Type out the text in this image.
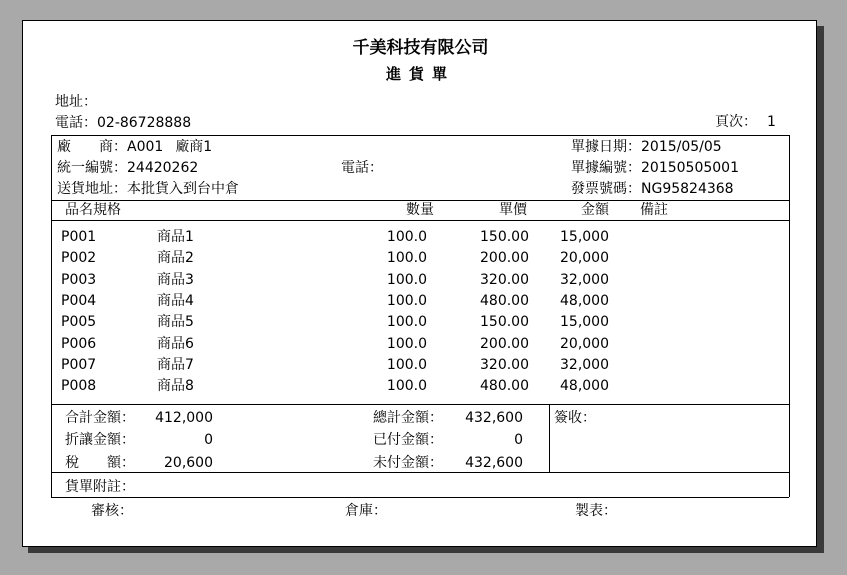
千美科技有限公司
進貨單
地址：
電話：02-86728888	頁次： 1
廠　　商：A001 廠商1
統一編號：24420262	電話：
送貨地址：本批貨入到台中倉
單據日期：2015/05/05
單據編號：20150505001
發票號碼：NG95824368
品名規格	數量	單價	金額 備註
P001	商品1	100.0	150.00	15,000
P002	商品2	100.0	200.00	20,000
P003	商品3	100.0	320.00	32,000
P004	商品4	100.0	480.00	48,000
P005	商品5	100.0	150.00	15,000
P006	商品6	100.0	200.00	20,000
P007	商品7	100.0	320.00	32,000
P008	商品8	100.0	480.00	48,000
合計金額：	412,000
折讓金額：	0
稅　　額：	20,600
總計金額：	432,600
已付金額：	0
未付金額：	432,600
簽收：
貨單附註：
審核：	倉庫：	製表：
